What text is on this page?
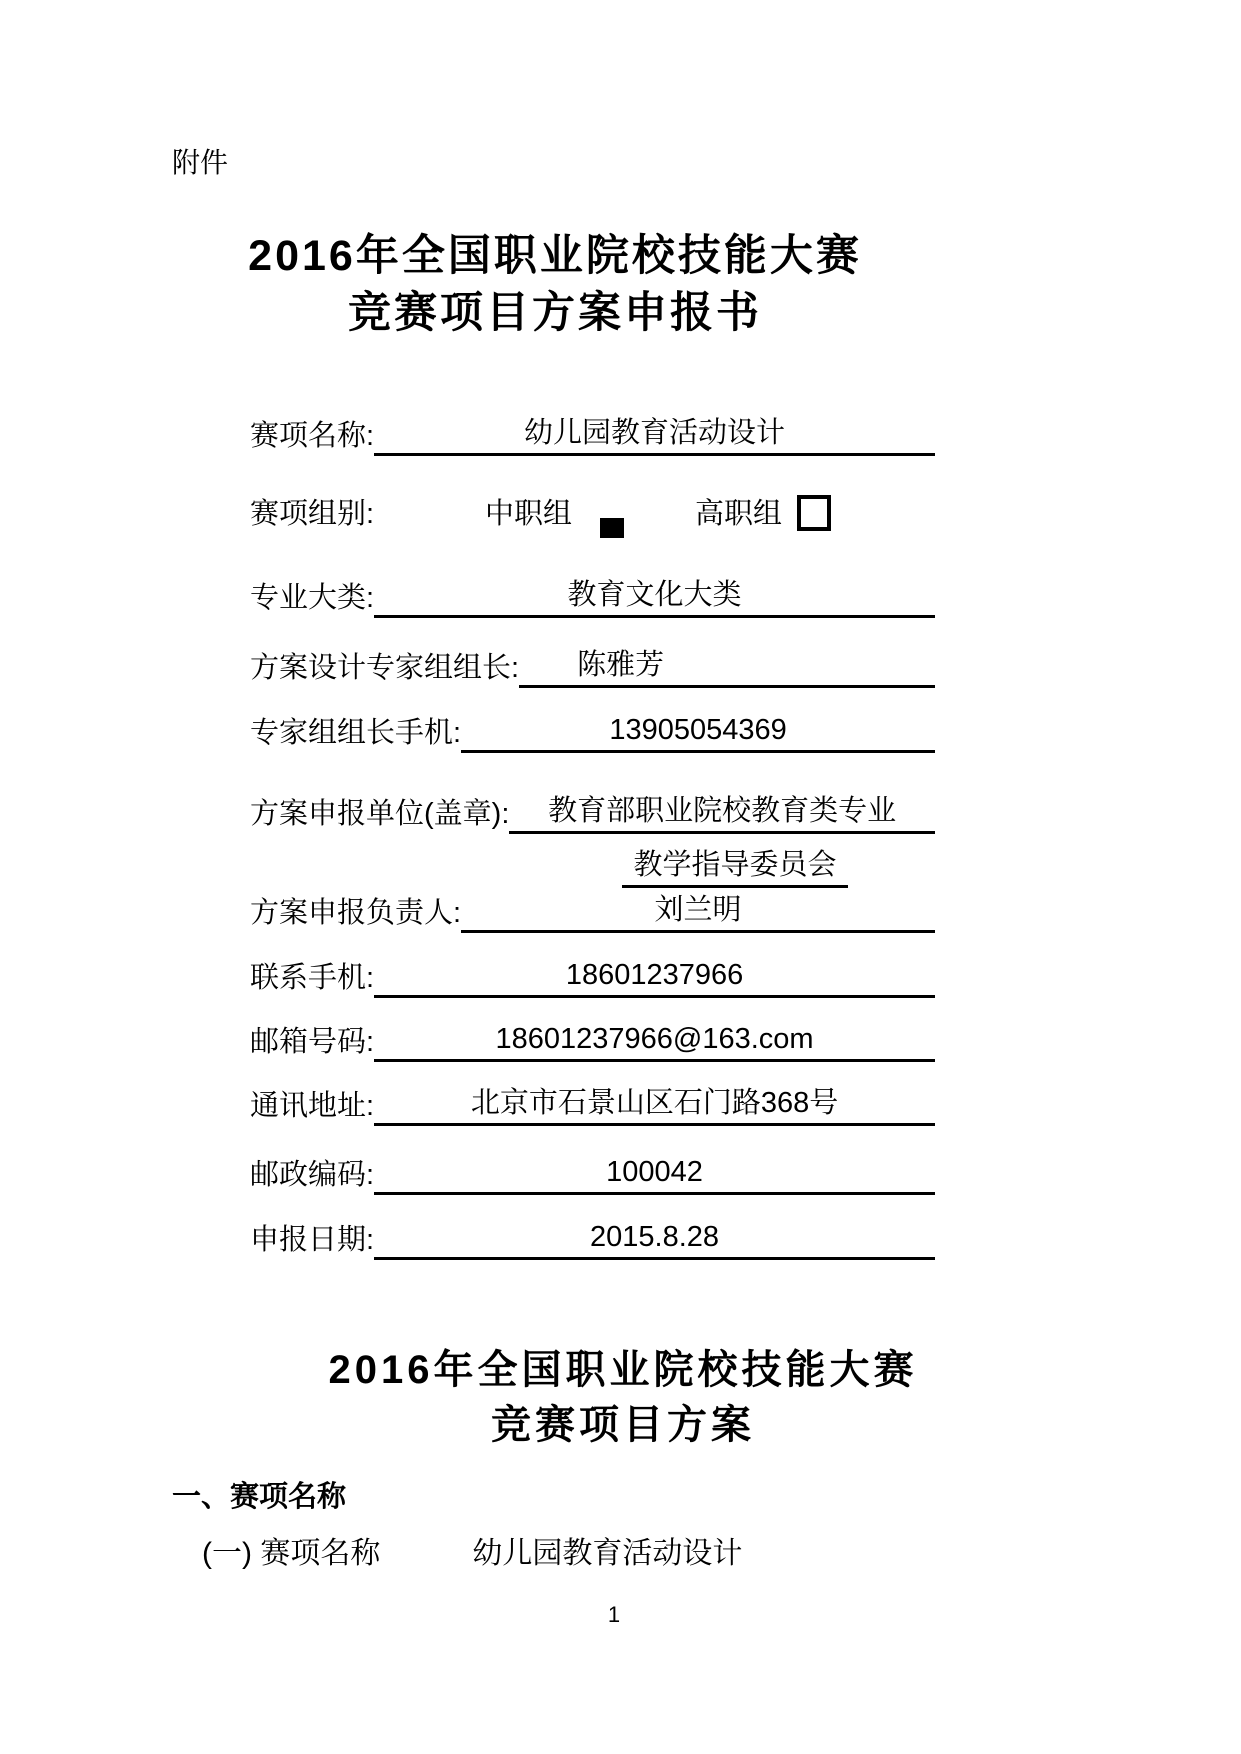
附件
2016年全国职业院校技能大赛
竞赛项目方案申报书
赛项名称:	幼儿园教育活动设计
赛项组别:	中职组	高职组
专业大类:	教育文化大类
方案设计专家组组长:	陈雅芳
专家组组长手机:	13905054369
方案申报单位(盖章):	教育部职业院校教育类专业
教学指导委员会
方案申报负责人:	刘兰明
联系手机:	18601237966
邮箱号码:	18601237966@163.com
通讯地址:	北京市石景山区石门路368号
邮政编码:	100042
申报日期:	2015.8.28
2016年全国职业院校技能大赛
竞赛项目方案
一、赛项名称
(一) 赛项名称	幼儿园教育活动设计
1
